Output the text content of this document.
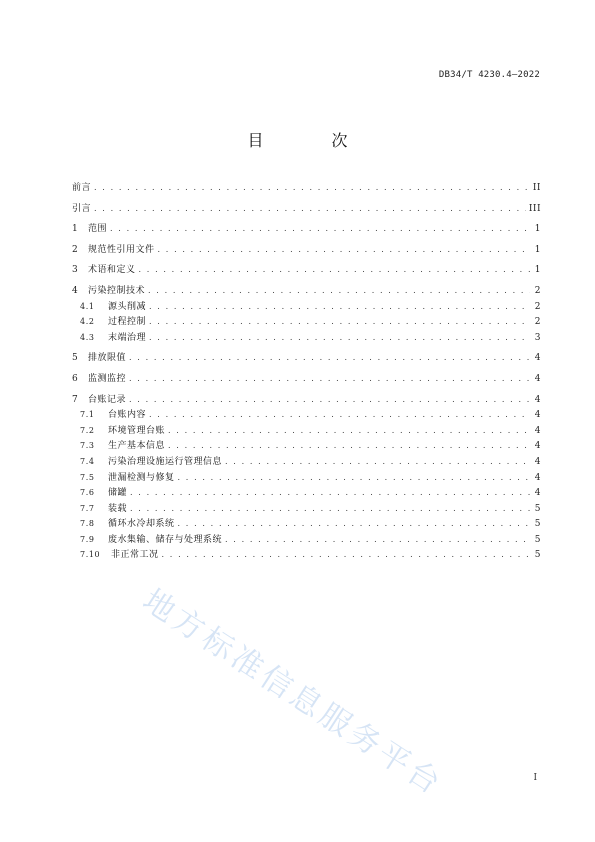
DB34/T 4230.4—2022
目　次
前言 . . .	II
引言 . . .	III
1	范围 . . .	1
2	规范性引用文件 . . .	1
3	术语和定义 . . .	1
4	污染控制技术 . . .	2
4.1	源头削减 . . .	2
4.2	过程控制 . . .	2
4.3	末端治理 . . .	3
5	排放限值 . . .	4
6	监测监控 . . .	4
7	台账记录 . . .	4
7.1	台账内容 . . .	4
7.2	环境管理台账 . . .	4
7.3	生产基本信息 . . .	4
7.4	污染治理设施运行管理信息 . . .	4
7.5	泄漏检测与修复 . . .	4
7.6	储罐 . . .	4
7.7	装载 . . .	5
7.8	循环水冷却系统 . . .	5
7.9	废水集输、储存与处理系统 . . .	5
7.10	非正常工况 . . .	5
地方标准信息服务平台	I
